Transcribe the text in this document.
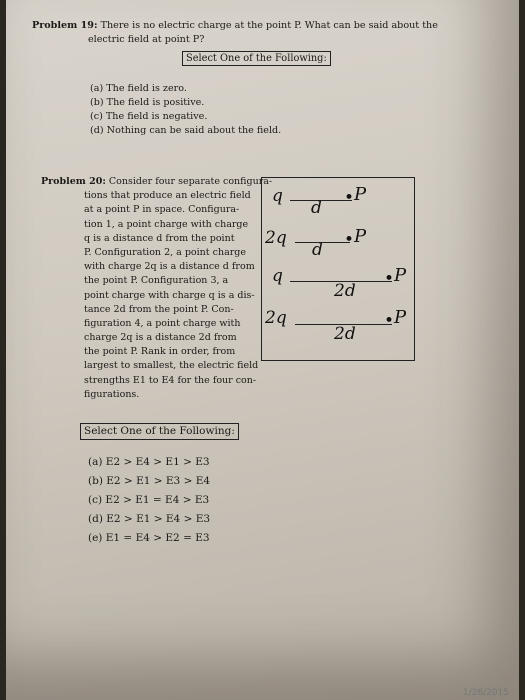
Problem 19: There is no electric charge at the point P. What can be said about the
electric field at point P?
Select One of the Following:
(a) The field is zero.
(b) The field is positive.
(c) The field is negative.
(d) Nothing can be said about the field.
Problem 20: Consider four separate configura-
tions that produce an electric field
at a point P in space. Configura-
tion 1, a point charge with charge
q is a distance d from the point
P. Configuration 2, a point charge
with charge 2q is a distance d from
the point P. Configuration 3, a
point charge with charge q is a dis-
tance 2d from the point P. Con-
figuration 4, a point charge with
charge 2q is a distance 2d from
the point P. Rank in order, from
largest to smallest, the electric field
strengths E1 to E4 for the four con-
figurations.
Select One of the Following:
(a) E2 > E4 > E1 > E3
(b) E2 > E1 > E3 > E4
(c) E2 > E1 = E4 > E3
(d) E2 > E1 > E4 > E3
(e) E1 = E4 > E2 = E3
q
d • P
2q
d • P
q
2d
• P
2q
2d
• P
1/26/2015
